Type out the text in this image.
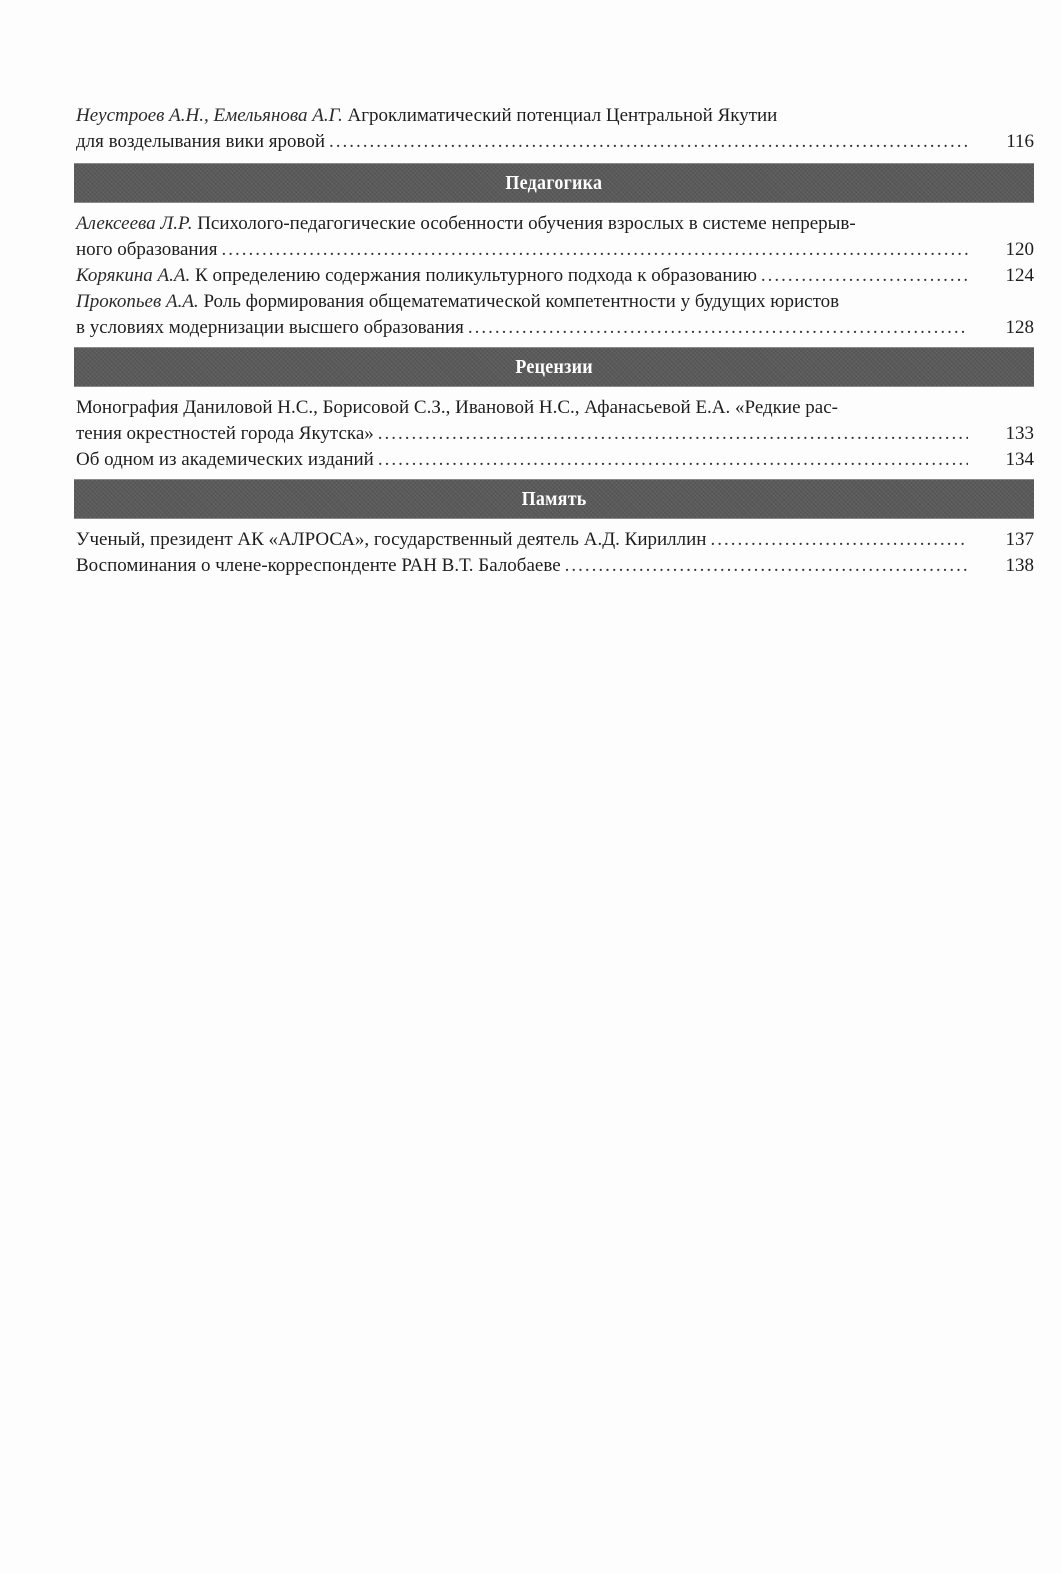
Неустроев А.Н., Емельянова А.Г. Агроклиматический потенциал Центральной Якутии
для возделывания вики яровой .....	116
Педагогика
Алексеева Л.Р. Психолого-педагогические особенности обучения взрослых в системе непрерыв-
ного образования .....	120
Корякина А.А. К определению содержания поликультурного подхода к образованию .....	124
Прокопьев А.А. Роль формирования общематематической компетентности у будущих юристов
в условиях модернизации высшего образования .....	128
Рецензии
Монография Даниловой Н.С., Борисовой С.З., Ивановой Н.С., Афанасьевой Е.А. «Редкие рас-
тения окрестностей города Якутска» .....	133
Об одном из академических изданий .....	134
Память
Ученый, президент АК «АЛРОСА», государственный деятель А.Д. Кириллин .....	137
Воспоминания о члене-корреспонденте РАН В.Т. Балобаеве .....	138
